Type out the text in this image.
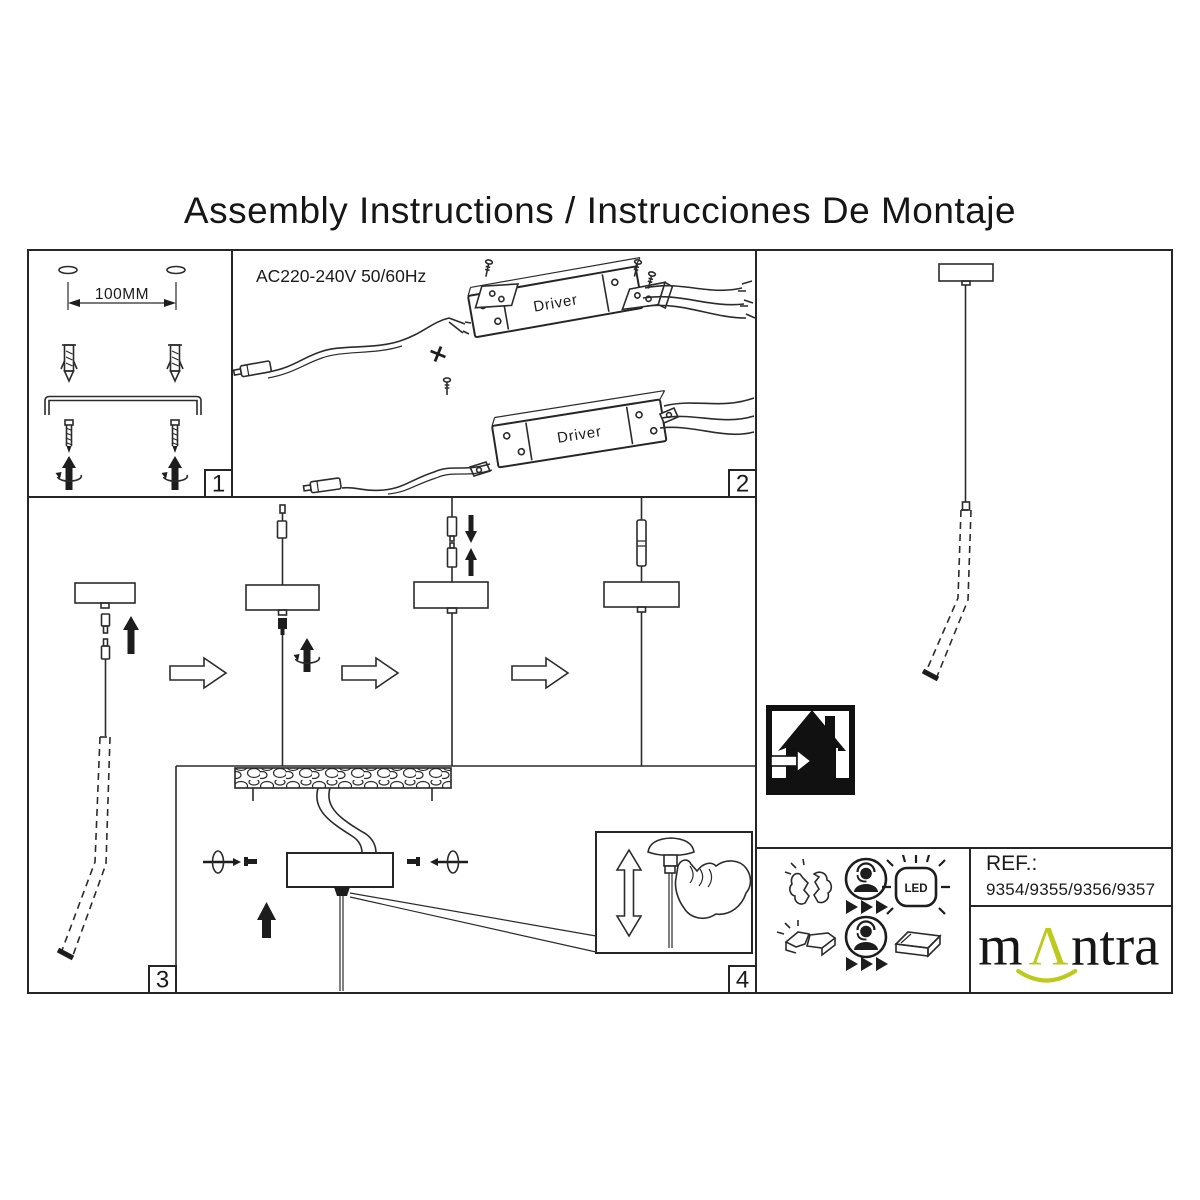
Assembly Instructions / Instrucciones De Montaje
100MM
AC220-240V 50/60Hz
Driver
Driver
LED
1	2
3	4
REF.:
9354/9355/9356/9357
m Λ ntra
